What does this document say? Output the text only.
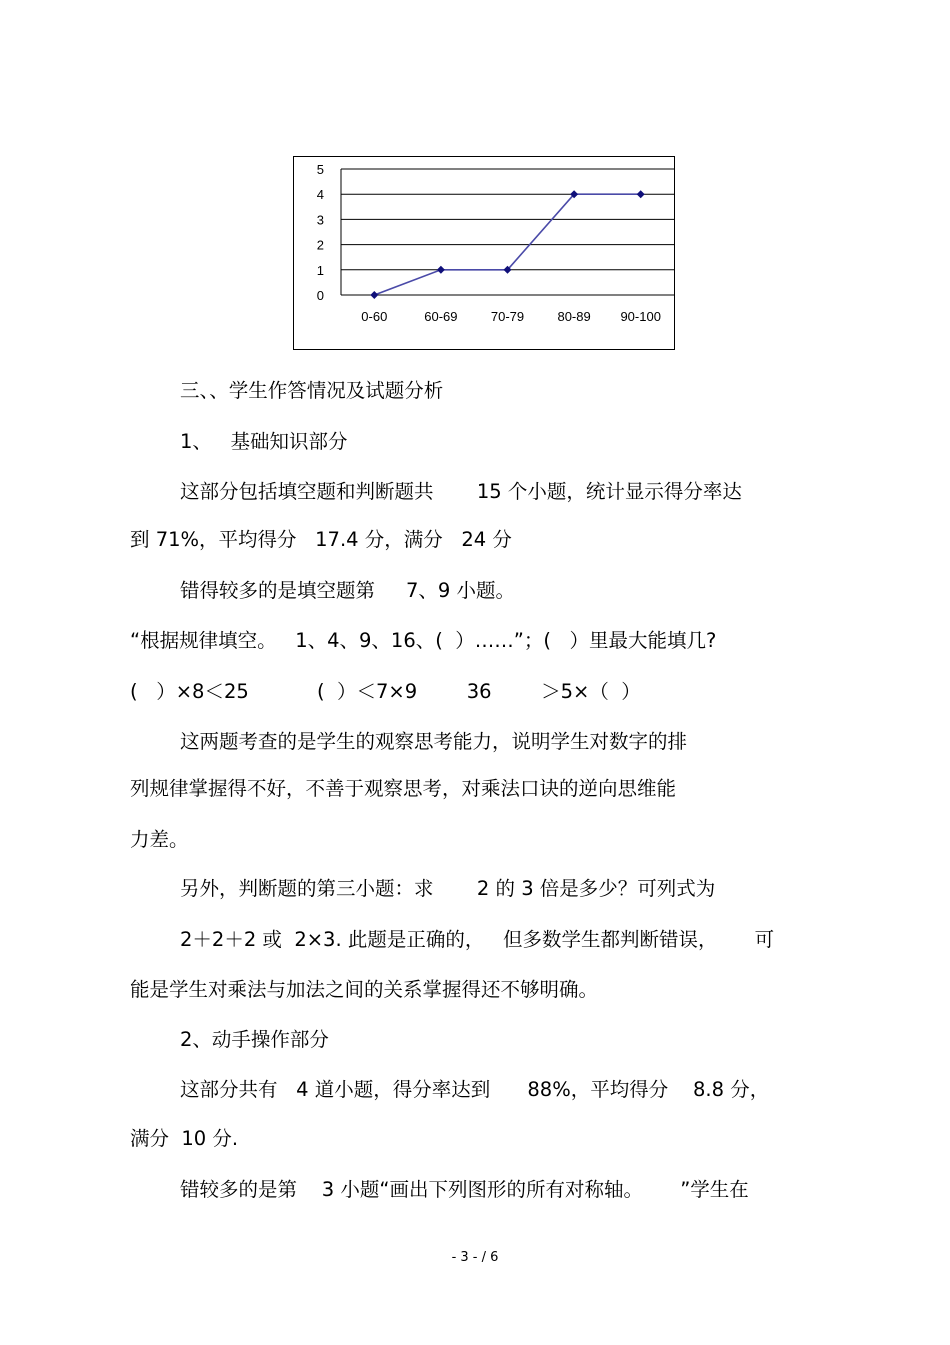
0
1
2
3
4
5
0-60	60-69	70-79	80-89 90-100
三、、学生作答情况及试题分析
1、   基础知识部分
这部分包括填空题和判断题共       15 个小题，统计显示得分率达
到 71%，平均得分   17.4 分，满分   24 分
错得较多的是填空题第     7、9 小题。
“根据规律填空。   1、4、9、16、(  ）……”；(   ）里最大能填几?
(   ）×8＜25           (  ）＜7×9        36        ＞5×（  ）
这两题考查的是学生的观察思考能力，说明学生对数字的排
列规律掌握得不好，不善于观察思考，对乘法口诀的逆向思维能
力差。
另外，判断题的第三小题：求       2 的 3 倍是多少？可列式为
2＋2＋2 或  2×3. 此题是正确的，   但多数学生都判断错误，      可
能是学生对乘法与加法之间的关系掌握得还不够明确。
2、动手操作部分
这部分共有   4 道小题，得分率达到      88%，平均得分    8.8 分，
满分  10 分.
错较多的是第    3 小题“画出下列图形的所有对称轴。      ”学生在
- 3 - / 6
